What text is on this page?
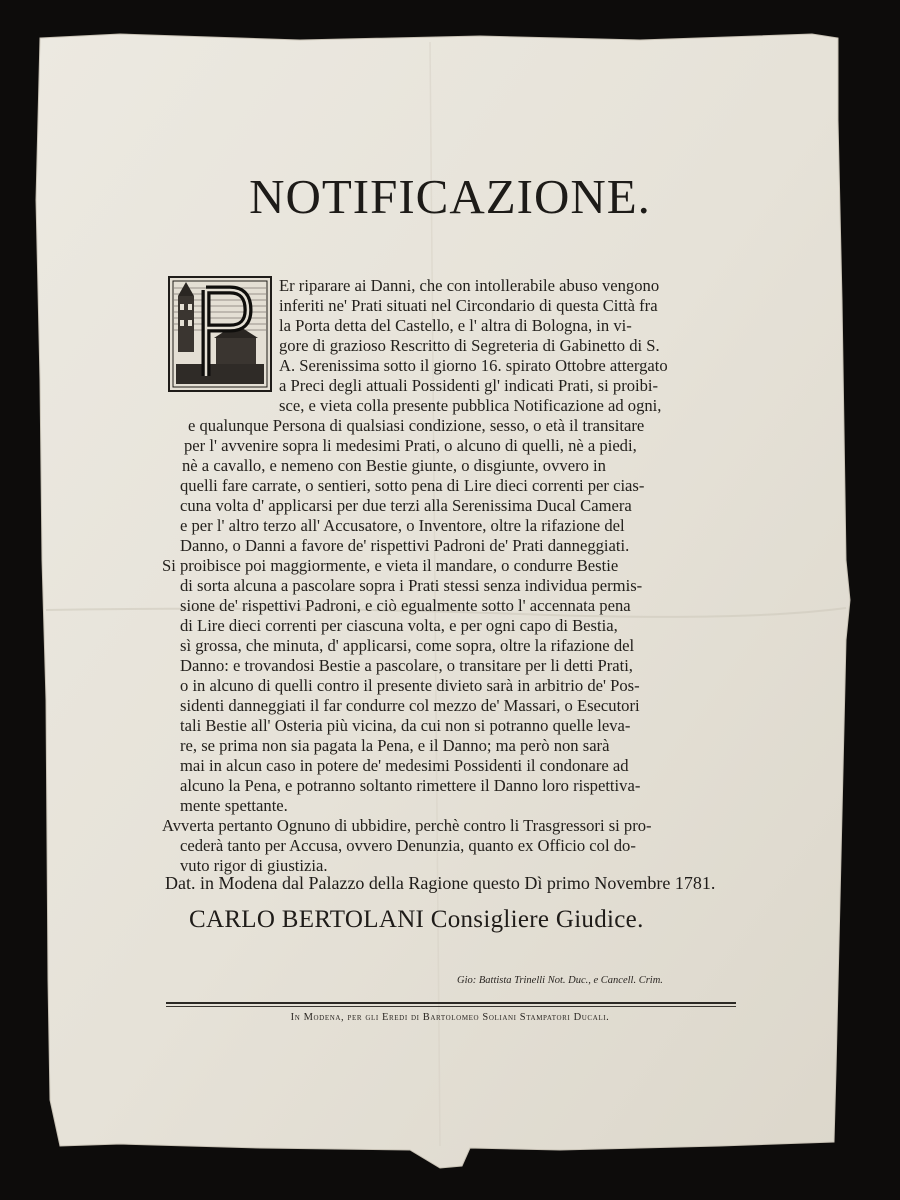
NOTIFICAZIONE.
Er riparare ai Danni, che con intollerabile abuso vengono
inferiti ne' Prati situati nel Circondario di questa Città fra
la Porta detta del Castello, e l' altra di Bologna, in vi-
gore di grazioso Rescritto di Segreteria di Gabinetto di S.
A. Serenissima sotto il giorno 16. spirato Ottobre attergato
a Preci degli attuali Possidenti gl' indicati Prati, si proibi-
sce, e vieta colla presente pubblica Notificazione ad ogni,
e qualunque Persona di qualsiasi condizione, sesso, o età il transitare
per l' avvenire sopra li medesimi Prati, o alcuno di quelli, nè a piedi,
nè a cavallo, e nemeno con Bestie giunte, o disgiunte, ovvero in
quelli fare carrate, o sentieri, sotto pena di Lire dieci correnti per cias-
cuna volta d' applicarsi per due terzi alla Serenissima Ducal Camera
e per l' altro terzo all' Accusatore, o Inventore, oltre la rifazione del
Danno, o Danni a favore de' rispettivi Padroni de' Prati danneggiati.
Si proibisce poi maggiormente, e vieta il mandare, o condurre Bestie
di sorta alcuna a pascolare sopra i Prati stessi senza individua permis-
sione de' rispettivi Padroni, e ciò egualmente sotto l' accennata pena
di Lire dieci correnti per ciascuna volta, e per ogni capo di Bestia,
sì grossa, che minuta, d' applicarsi, come sopra, oltre la rifazione del
Danno: e trovandosi Bestie a pascolare, o transitare per li detti Prati,
o in alcuno di quelli contro il presente divieto sarà in arbitrio de' Pos-
sidenti danneggiati il far condurre col mezzo de' Massari, o Esecutori
tali Bestie all' Osteria più vicina, da cui non si potranno quelle leva-
re, se prima non sia pagata la Pena, e il Danno; ma però non sarà
mai in alcun caso in potere de' medesimi Possidenti il condonare ad
alcuno la Pena, e potranno soltanto rimettere il Danno loro rispettiva-
mente spettante.
Avverta pertanto Ognuno di ubbidire, perchè contro li Trasgressori si pro-
cederà tanto per Accusa, ovvero Denunzia, quanto ex Officio col do-
vuto rigor di giustizia.
Dat. in Modena dal Palazzo della Ragione questo Dì primo Novembre 1781.
CARLO BERTOLANI Consigliere Giudice.
Gio: Battista Trinelli Not. Duc., e Cancell. Crim.
In Modena, per gli Eredi di Bartolomeo Soliani Stampatori Ducali.
